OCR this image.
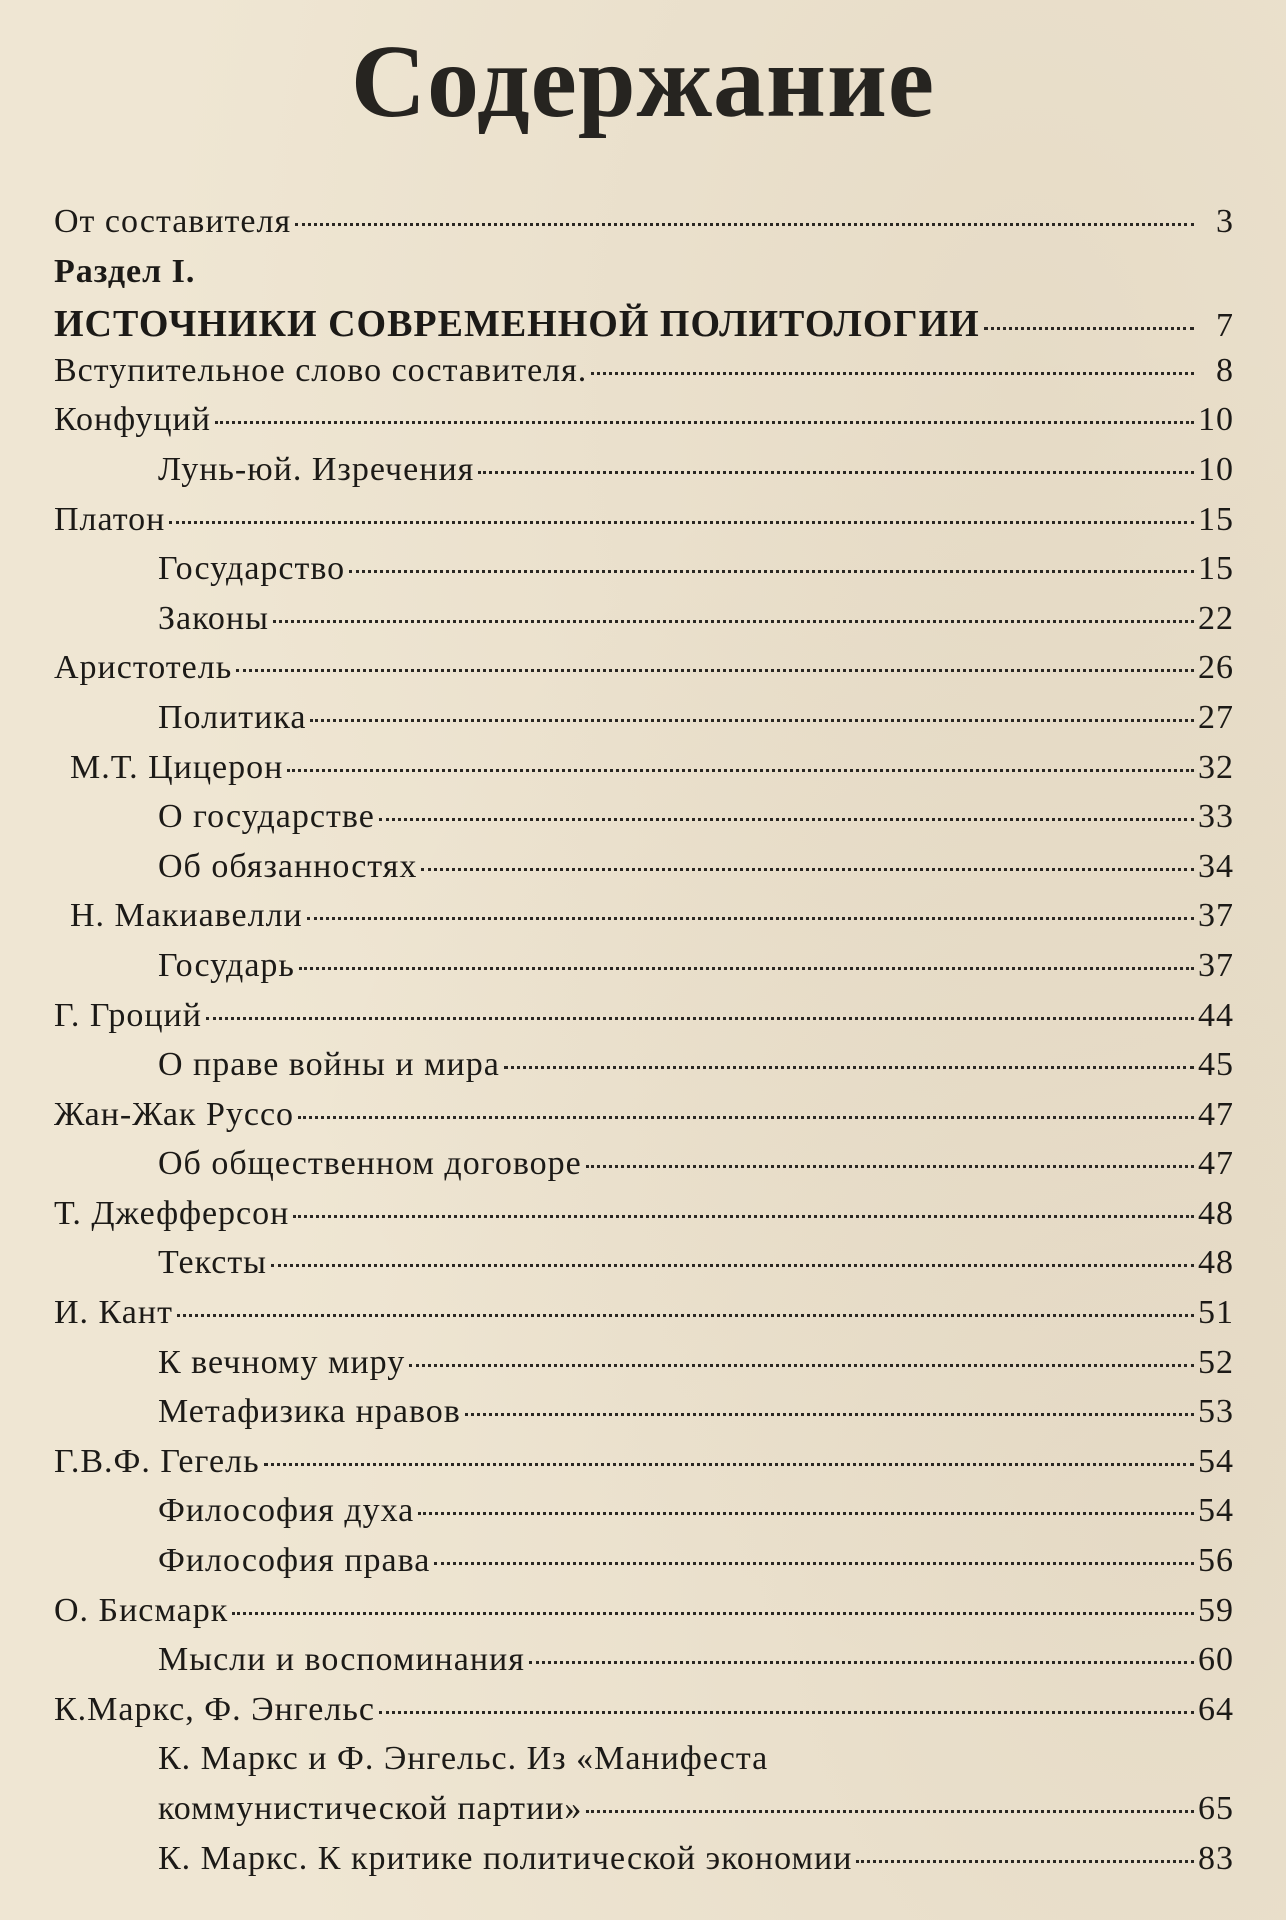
Содержание
От составителя	3
Раздел I.
ИСТОЧНИКИ СОВРЕМЕННОЙ ПОЛИТОЛОГИИ	7
Вступительное слово составителя.	8
Конфуций	10
Лунь-юй. Изречения	10
Платон	15
Государство	15
Законы	22
Аристотель	26
Политика	27
М.Т. Цицерон	32
О государстве	33
Об обязанностях	34
Н. Макиавелли	37
Государь	37
Г. Гроций	44
О праве войны и мира	45
Жан-Жак Руссо	47
Об общественном договоре	47
Т. Джефферсон	48
Тексты	48
И. Кант	51
К вечному миру	52
Метафизика нравов	53
Г.В.Ф. Гегель	54
Философия духа	54
Философия права	56
О. Бисмарк	59
Мысли и воспоминания	60
К.Маркс, Ф. Энгельс	64
К. Маркс и Ф. Энгельс. Из «Манифеста
коммунистической партии»	65
К. Маркс. К критике политической экономии	83
